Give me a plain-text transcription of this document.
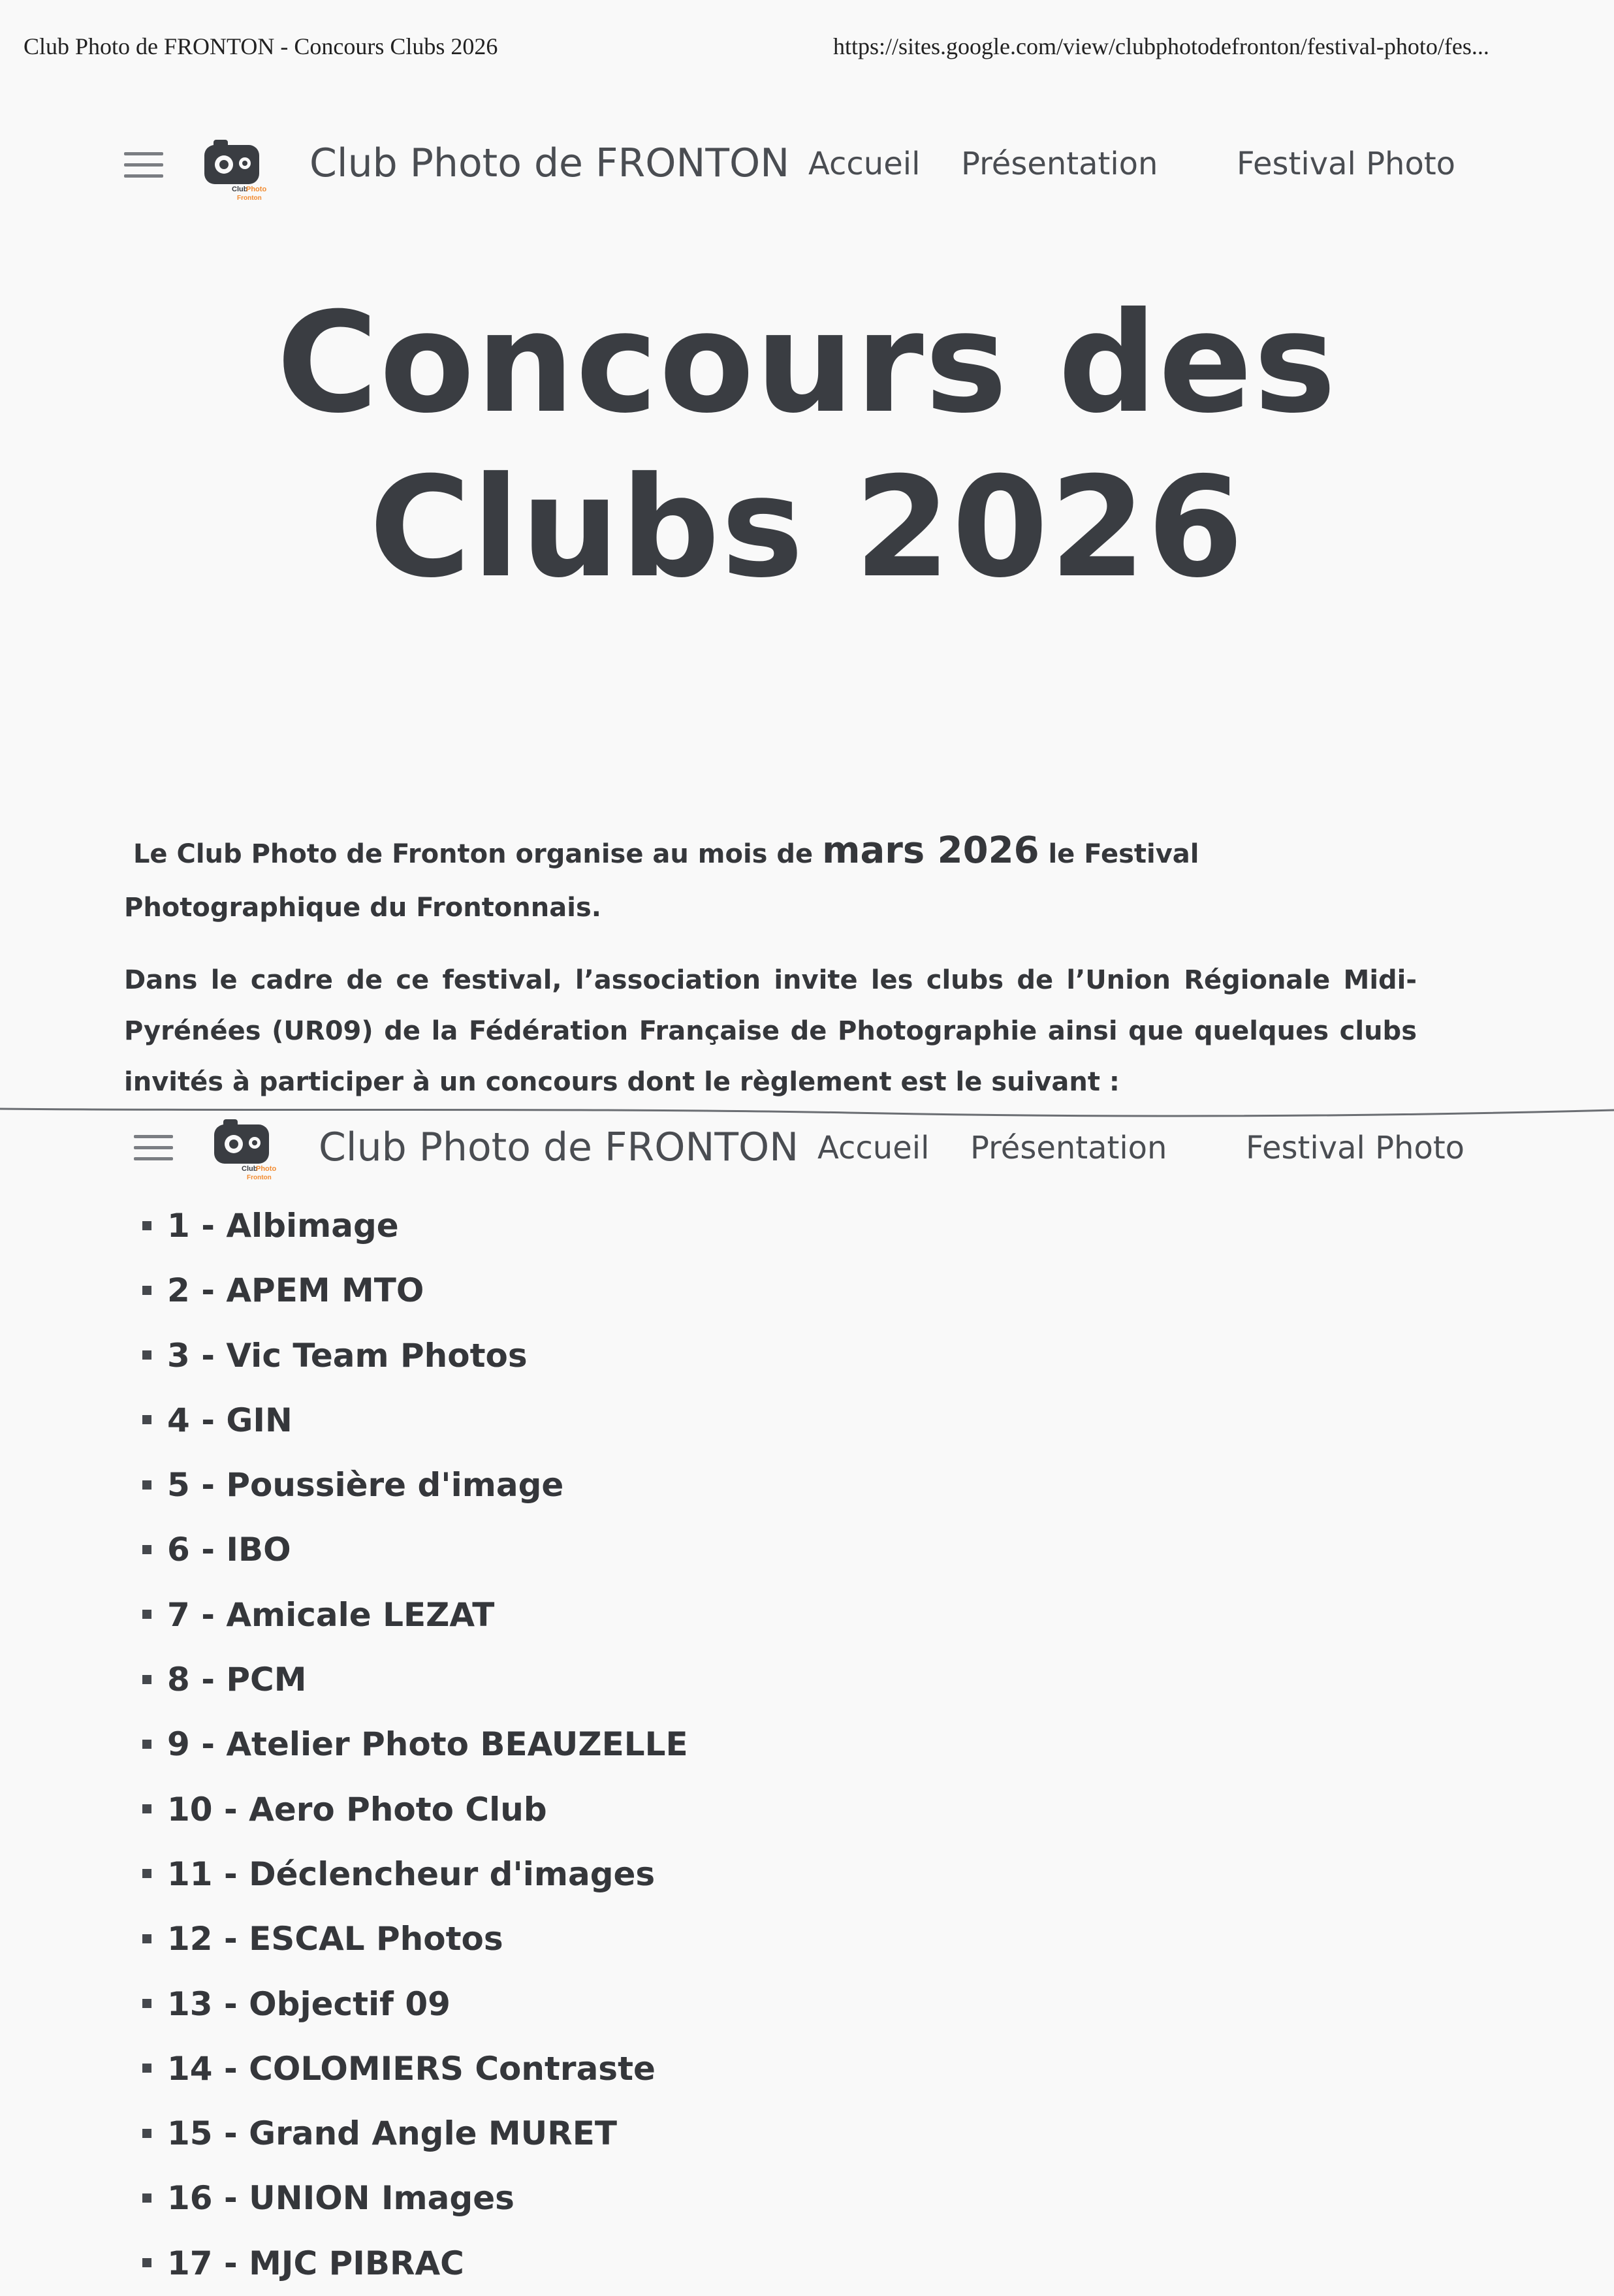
Club Photo de FRONTON - Concours Clubs 2026	https://sites.google.com/view/clubphotodefronton/festival-photo/fes...
Club
Photo
Fronton
Club Photo de FRONTON Accueil Présentation	Festival Photo
Concours des
Clubs 2026

Le Club Photo de Fronton organise au mois de mars 2026 le Festival Photographique du Frontonnais.

Dans le cadre de ce festival, l’association invite les clubs de l’Union Régionale Midi-Pyrénées (UR09) de la Fédération Française de Photographie ainsi que quelques clubs invités à participer à un concours dont le règlement est le suivant :

Club
Photo
Fronton
Club Photo de FRONTON Accueil Présentation	Festival Photo
1 - Albimage
2 - APEM MTO
3 - Vic Team Photos
4 - GIN
5 - Poussière d'image
6 - IBO
7 - Amicale LEZAT
8 - PCM
9 - Atelier Photo BEAUZELLE
10 - Aero Photo Club
11 - Déclencheur d'images
12 - ESCAL Photos
13 - Objectif 09
14 - COLOMIERS Contraste
15 - Grand Angle MURET
16 - UNION Images
17 - MJC PIBRAC
